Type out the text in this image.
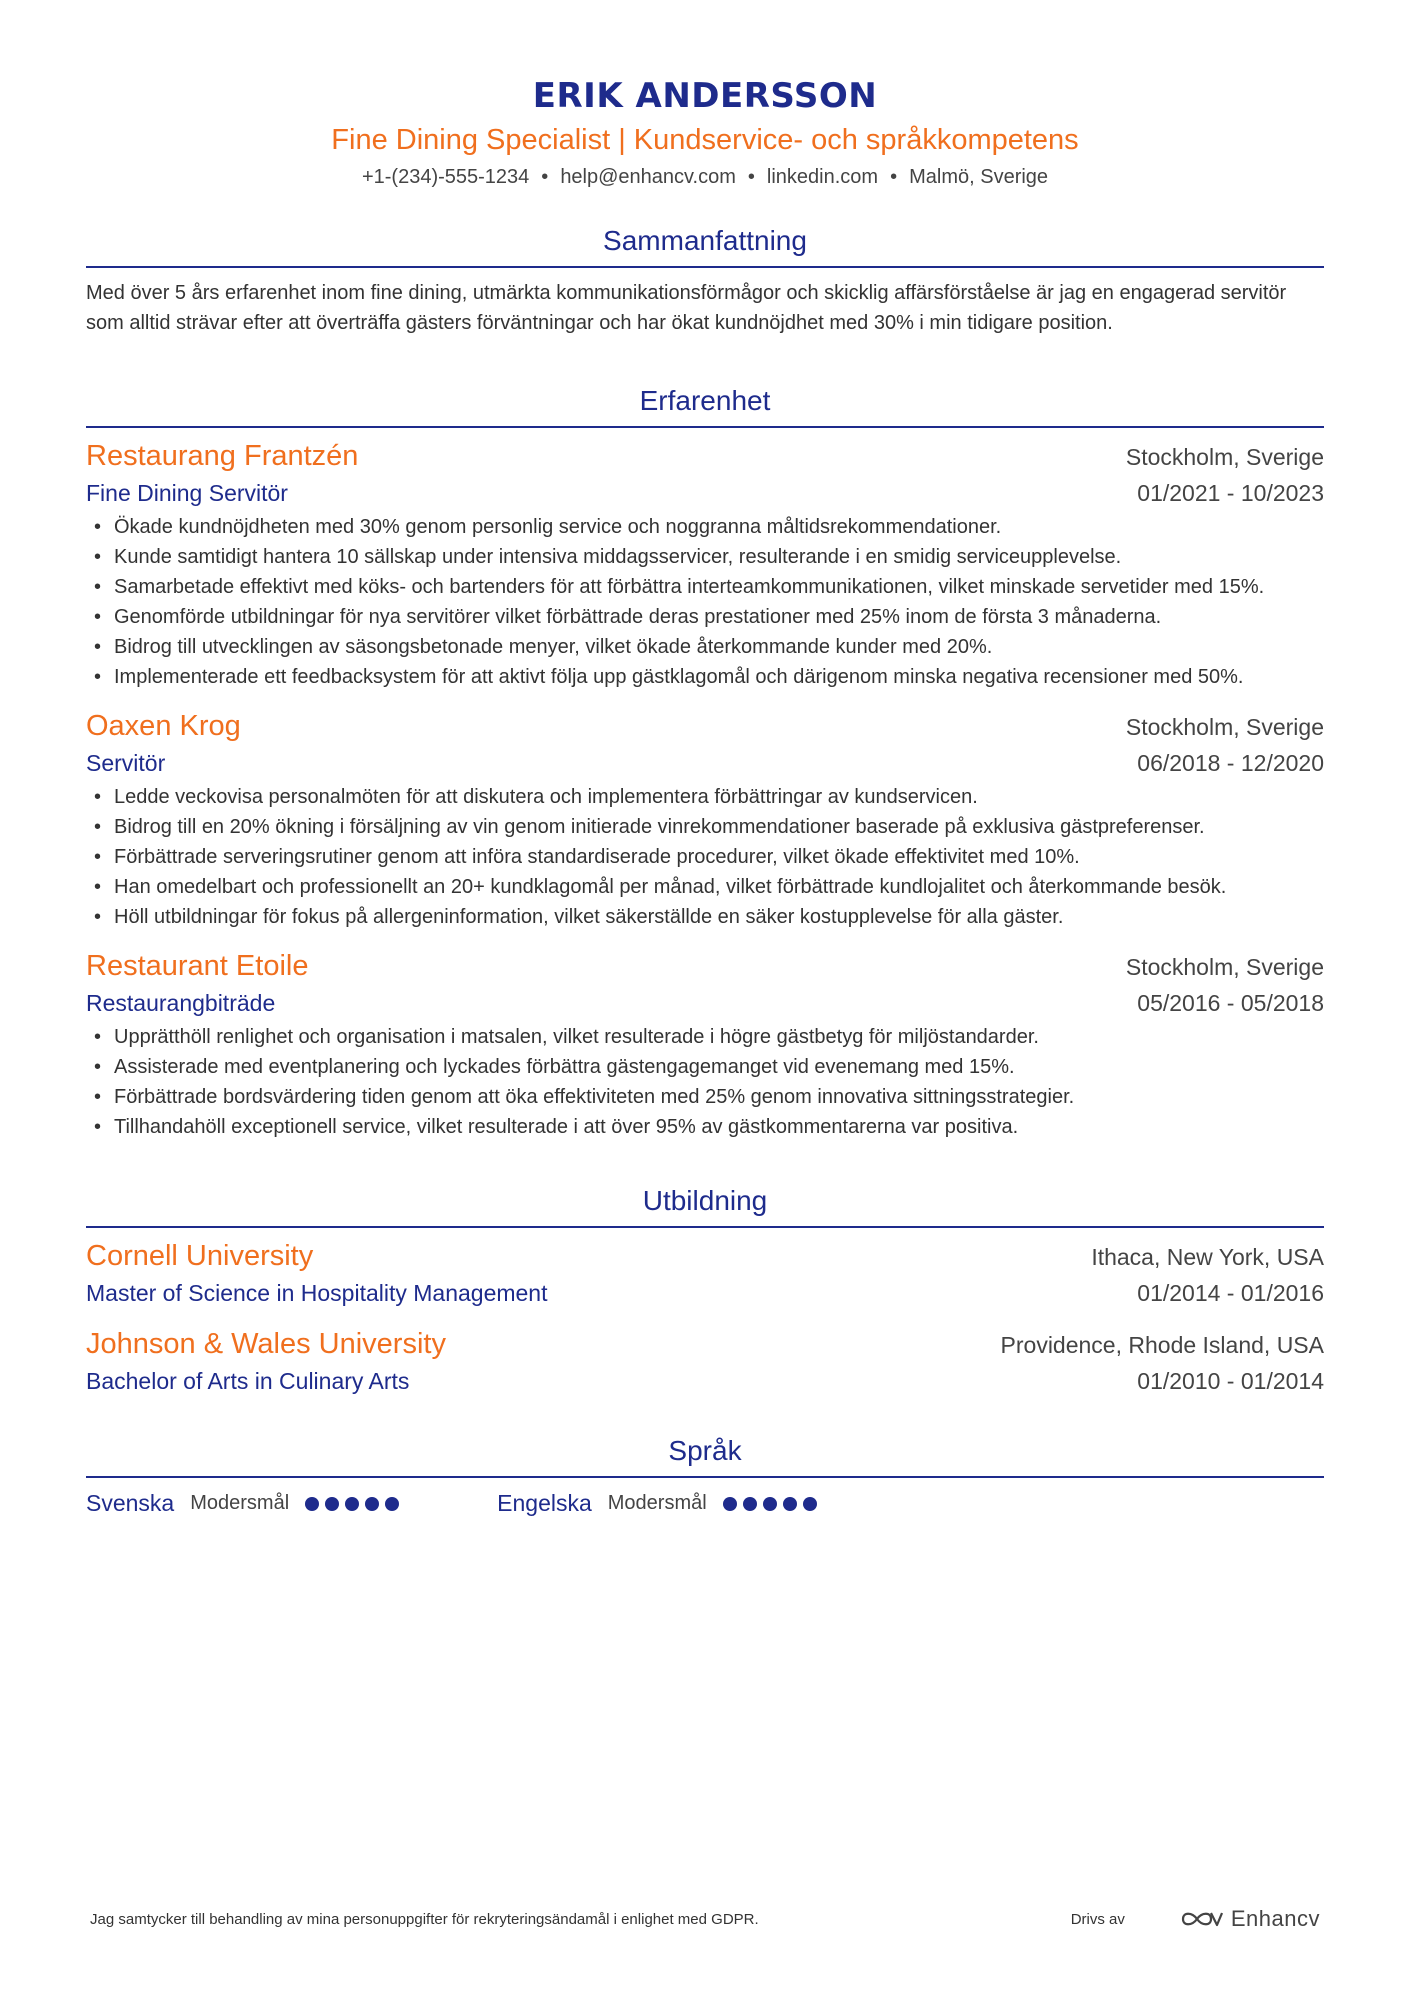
ERIK ANDERSSON
Fine Dining Specialist | Kundservice- och språkkompetens
+1-(234)-555-1234 • help@enhancv.com • linkedin.com • Malmö, Sverige
Sammanfattning
Med över 5 års erfarenhet inom fine dining, utmärkta kommunikationsförmågor och skicklig affärsförståelse är jag en engagerad servitör som alltid strävar efter att överträffa gästers förväntningar och har ökat kundnöjdhet med 30% i min tidigare position.
Erfarenhet
Restaurang Frantzén	Stockholm, Sverige
Fine Dining Servitör	01/2021 - 10/2023
• Ökade kundnöjdheten med 30% genom personlig service och noggranna måltidsrekommendationer.
• Kunde samtidigt hantera 10 sällskap under intensiva middagsservicer, resulterande i en smidig serviceupplevelse.
• Samarbetade effektivt med köks- och bartenders för att förbättra interteamkommunikationen, vilket minskade servetider med 15%.
• Genomförde utbildningar för nya servitörer vilket förbättrade deras prestationer med 25% inom de första 3 månaderna.
• Bidrog till utvecklingen av säsongsbetonade menyer, vilket ökade återkommande kunder med 20%.
• Implementerade ett feedbacksystem för att aktivt följa upp gästklagomål och därigenom minska negativa recensioner med 50%.
Oaxen Krog	Stockholm, Sverige
Servitör	06/2018 - 12/2020
• Ledde veckovisa personalmöten för att diskutera och implementera förbättringar av kundservicen.
• Bidrog till en 20% ökning i försäljning av vin genom initierade vinrekommendationer baserade på exklusiva gästpreferenser.
• Förbättrade serveringsrutiner genom att införa standardiserade procedurer, vilket ökade effektivitet med 10%.
• Han omedelbart och professionellt an 20+ kundklagomål per månad, vilket förbättrade kundlojalitet och återkommande besök.
• Höll utbildningar för fokus på allergeninformation, vilket säkerställde en säker kostupplevelse för alla gäster.
Restaurant Etoile	Stockholm, Sverige
Restaurangbiträde	05/2016 - 05/2018
• Upprätthöll renlighet och organisation i matsalen, vilket resulterade i högre gästbetyg för miljöstandarder.
• Assisterade med eventplanering och lyckades förbättra gästengagemanget vid evenemang med 15%.
• Förbättrade bordsvärdering tiden genom att öka effektiviteten med 25% genom innovativa sittningsstrategier.
• Tillhandahöll exceptionell service, vilket resulterade i att över 95% av gästkommentarerna var positiva.
Utbildning
Cornell University	Ithaca, New York, USA
Master of Science in Hospitality Management	01/2014 - 01/2016
Johnson & Wales University	Providence, Rhode Island, USA
Bachelor of Arts in Culinary Arts	01/2010 - 01/2014
Språk
Svenska Modersmål	Engelska Modersmål
Jag samtycker till behandling av mina personuppgifter för rekryteringsändamål i enlighet med GDPR.	Drivs av	Enhancv
